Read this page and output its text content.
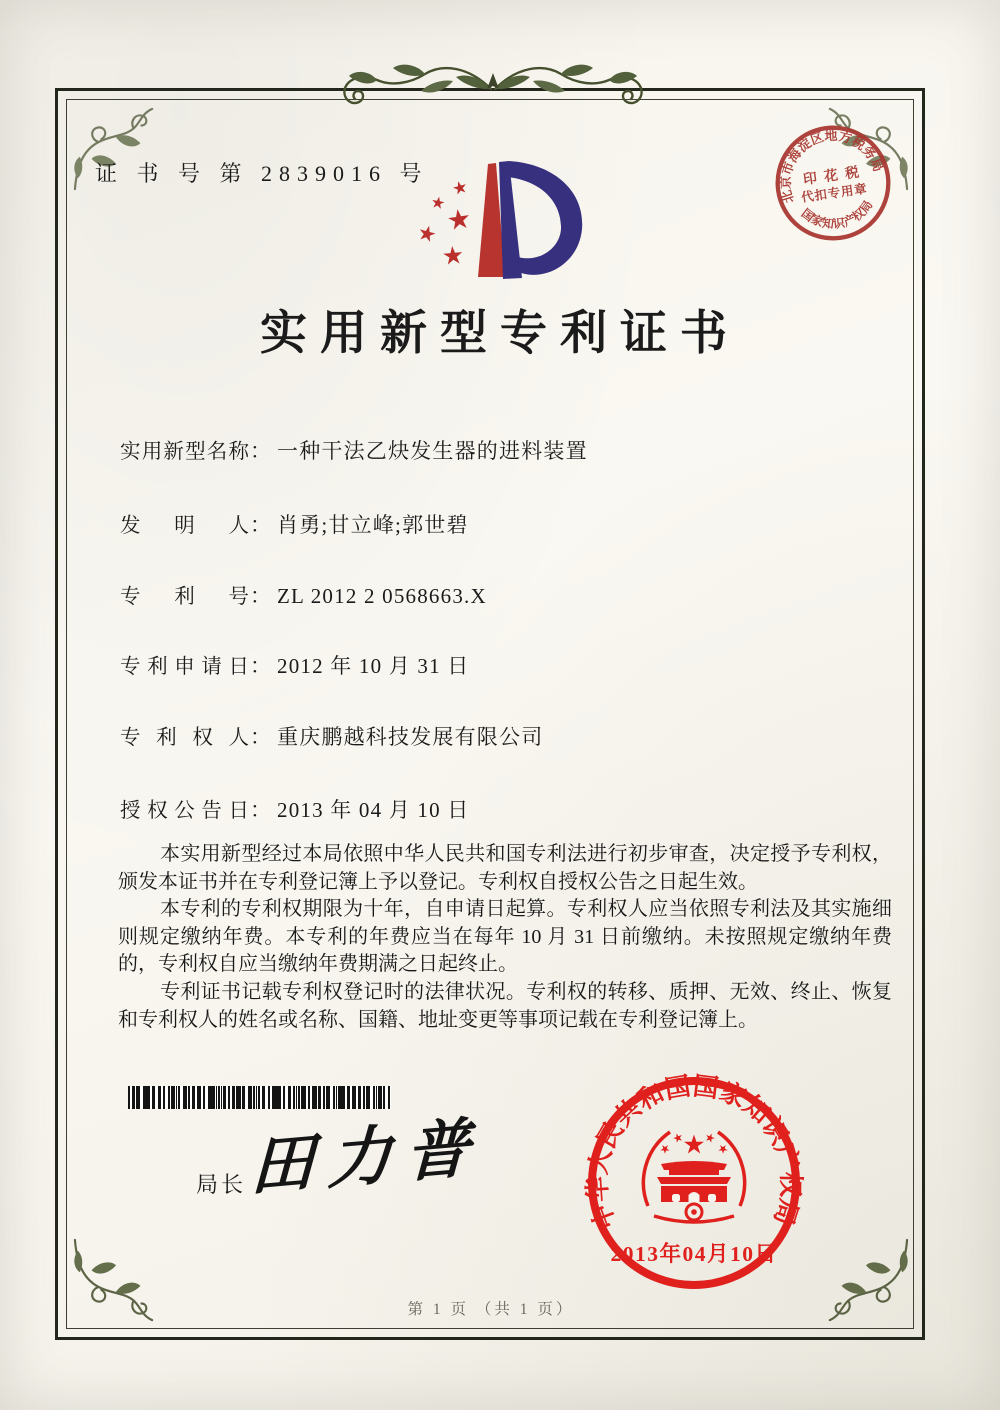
证 书 号 第 2839016 号
北京市海淀区地方税务局
国家知识产权局
印 花 税
代扣专用章
实用新型专利证书
实用新型名称： 一种干法乙炔发生器的进料装置
发明人： 肖勇;甘立峰;郭世碧
专利号： ZL 2012 2 0568663.X
专利申请日： 2012 年 10 月 31 日
专利权人： 重庆鹏越科技发展有限公司
授权公告日： 2013 年 04 月 10 日

本实用新型经过本局依照中华人民共和国专利法进行初步审查，决定授予专利权，颁发本证书并在专利登记簿上予以登记。专利权自授权公告之日起生效。

本专利的专利权期限为十年，自申请日起算。专利权人应当依照专利法及其实施细则规定缴纳年费。本专利的年费应当在每年 10 月 31 日前缴纳。未按照规定缴纳年费的，专利权自应当缴纳年费期满之日起终止。

专利证书记载专利权登记时的法律状况。专利权的转移、质押、无效、终止、恢复和专利权人的姓名或名称、国籍、地址变更等事项记载在专利登记簿上。

局长 田力普
中华人民共和国国家知识产权局
2013年04月10日
第 1 页 （共 1 页）
